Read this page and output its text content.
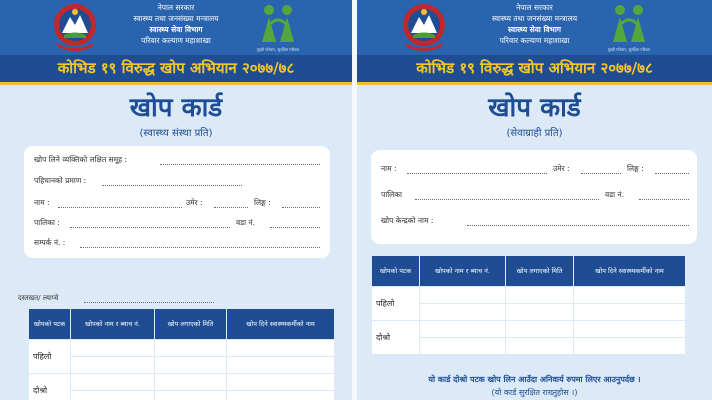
नेपाल सरकार
स्वास्थ्य तथा जनसंख्या मन्त्रालय
स्वास्थ्य सेवा विभाग
परिवार कल्याण महाशाखा
सुखी परिवार, सुरक्षित परिवार
कोभिड १९ विरुद्ध खोप अभियान २०७७/७८
खोप कार्ड
(स्वास्थ्य संस्था प्रति)
खोप लिने व्यक्तिको लक्षित समूह :
पहिचानको प्रमाण :
नाम :	उमेर :	लिङ्ग :
पालिका :	वडा नं.
सम्पर्क नं. :
दस्तखत/ ल्याप्चे
खोपको पटक	खोपको नाम र ब्याच नं.	खोप लगाएको मिति	खोप दिने स्वास्थ्यकर्मीको नाम
पहिलो			

दोश्रो			

नेपाल सरकार
स्वास्थ्य तथा जनसंख्या मन्त्रालय
स्वास्थ्य सेवा विभाग
परिवार कल्याण महाशाखा
सुखी परिवार, सुरक्षित परिवार
कोभिड १९ विरुद्ध खोप अभियान २०७७/७८
खोप कार्ड
(सेवाग्राही प्रति)
नाम :	उमेर :	लिङ्ग :
पालिका	वडा नं.
खोप केन्द्रको नाम :
खोपको पटक	खोपको नाम र ब्याच नं.	खोप लगाएको मिति	खोप दिने स्वास्थ्यकर्मीको नाम
पहिलो			

दोश्रो			

यो कार्ड दोश्रो पटक खोप लिन आउँदा अनिवार्य रुपमा लिएर आउनुपर्दछ ।
(यो कार्ड सुरक्षित राख्नुहोस ।)
